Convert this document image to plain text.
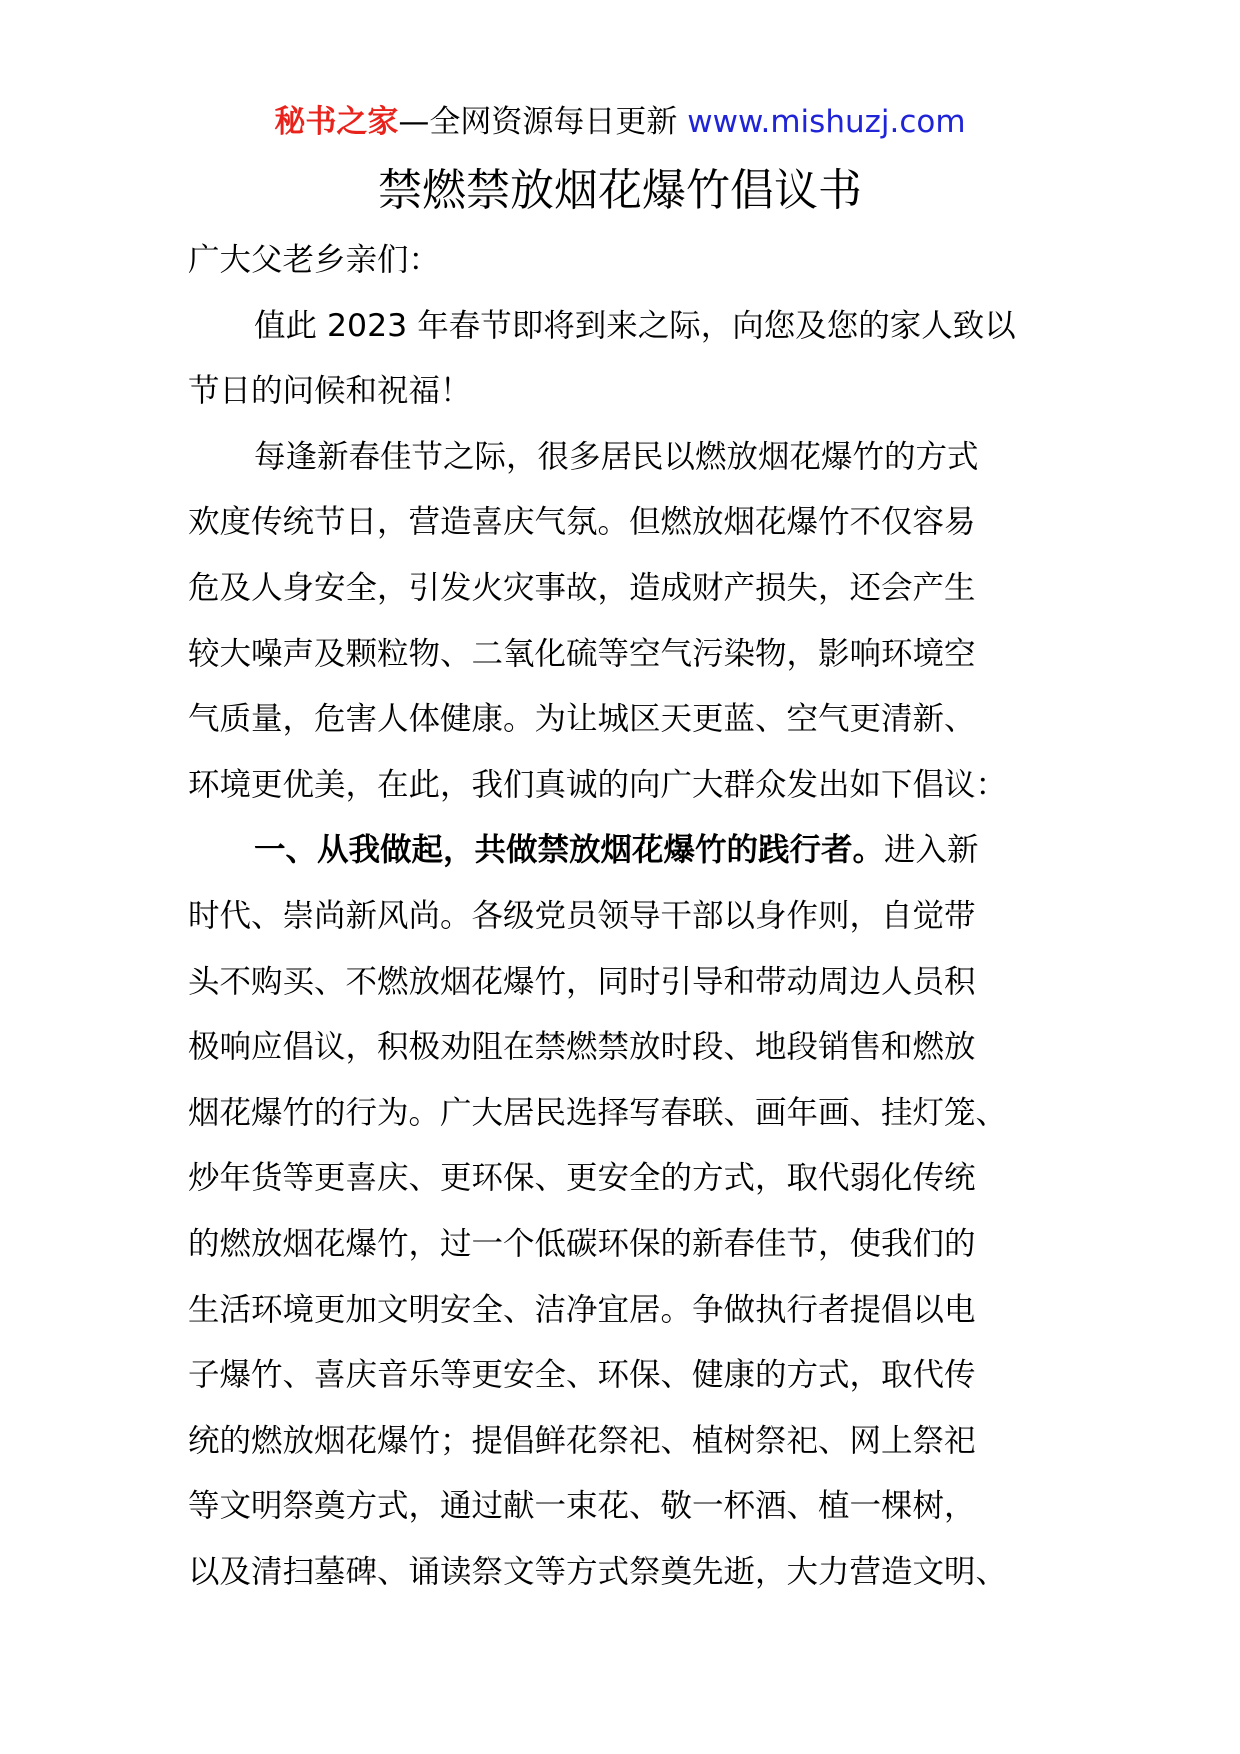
秘书之家—全网资源每日更新 www.mishuzj.com
禁燃禁放烟花爆竹倡议书
广大父老乡亲们：
值此 2023 年春节即将到来之际，向您及您的家人致以
节日的问候和祝福！
每逢新春佳节之际，很多居民以燃放烟花爆竹的方式
欢度传统节日，营造喜庆气氛。但燃放烟花爆竹不仅容易
危及人身安全，引发火灾事故，造成财产损失，还会产生
较大噪声及颗粒物、二氧化硫等空气污染物，影响环境空
气质量，危害人体健康。为让城区天更蓝、空气更清新、
环境更优美，在此，我们真诚的向广大群众发出如下倡议：
一、从我做起，共做禁放烟花爆竹的践行者。进入新
时代、崇尚新风尚。各级党员领导干部以身作则，自觉带
头不购买、不燃放烟花爆竹，同时引导和带动周边人员积
极响应倡议，积极劝阻在禁燃禁放时段、地段销售和燃放
烟花爆竹的行为。广大居民选择写春联、画年画、挂灯笼、
炒年货等更喜庆、更环保、更安全的方式，取代弱化传统
的燃放烟花爆竹，过一个低碳环保的新春佳节，使我们的
生活环境更加文明安全、洁净宜居。争做执行者提倡以电
子爆竹、喜庆音乐等更安全、环保、健康的方式，取代传
统的燃放烟花爆竹；提倡鲜花祭祀、植树祭祀、网上祭祀
等文明祭奠方式，通过献一束花、敬一杯酒、植一棵树，
以及清扫墓碑、诵读祭文等方式祭奠先逝，大力营造文明、
